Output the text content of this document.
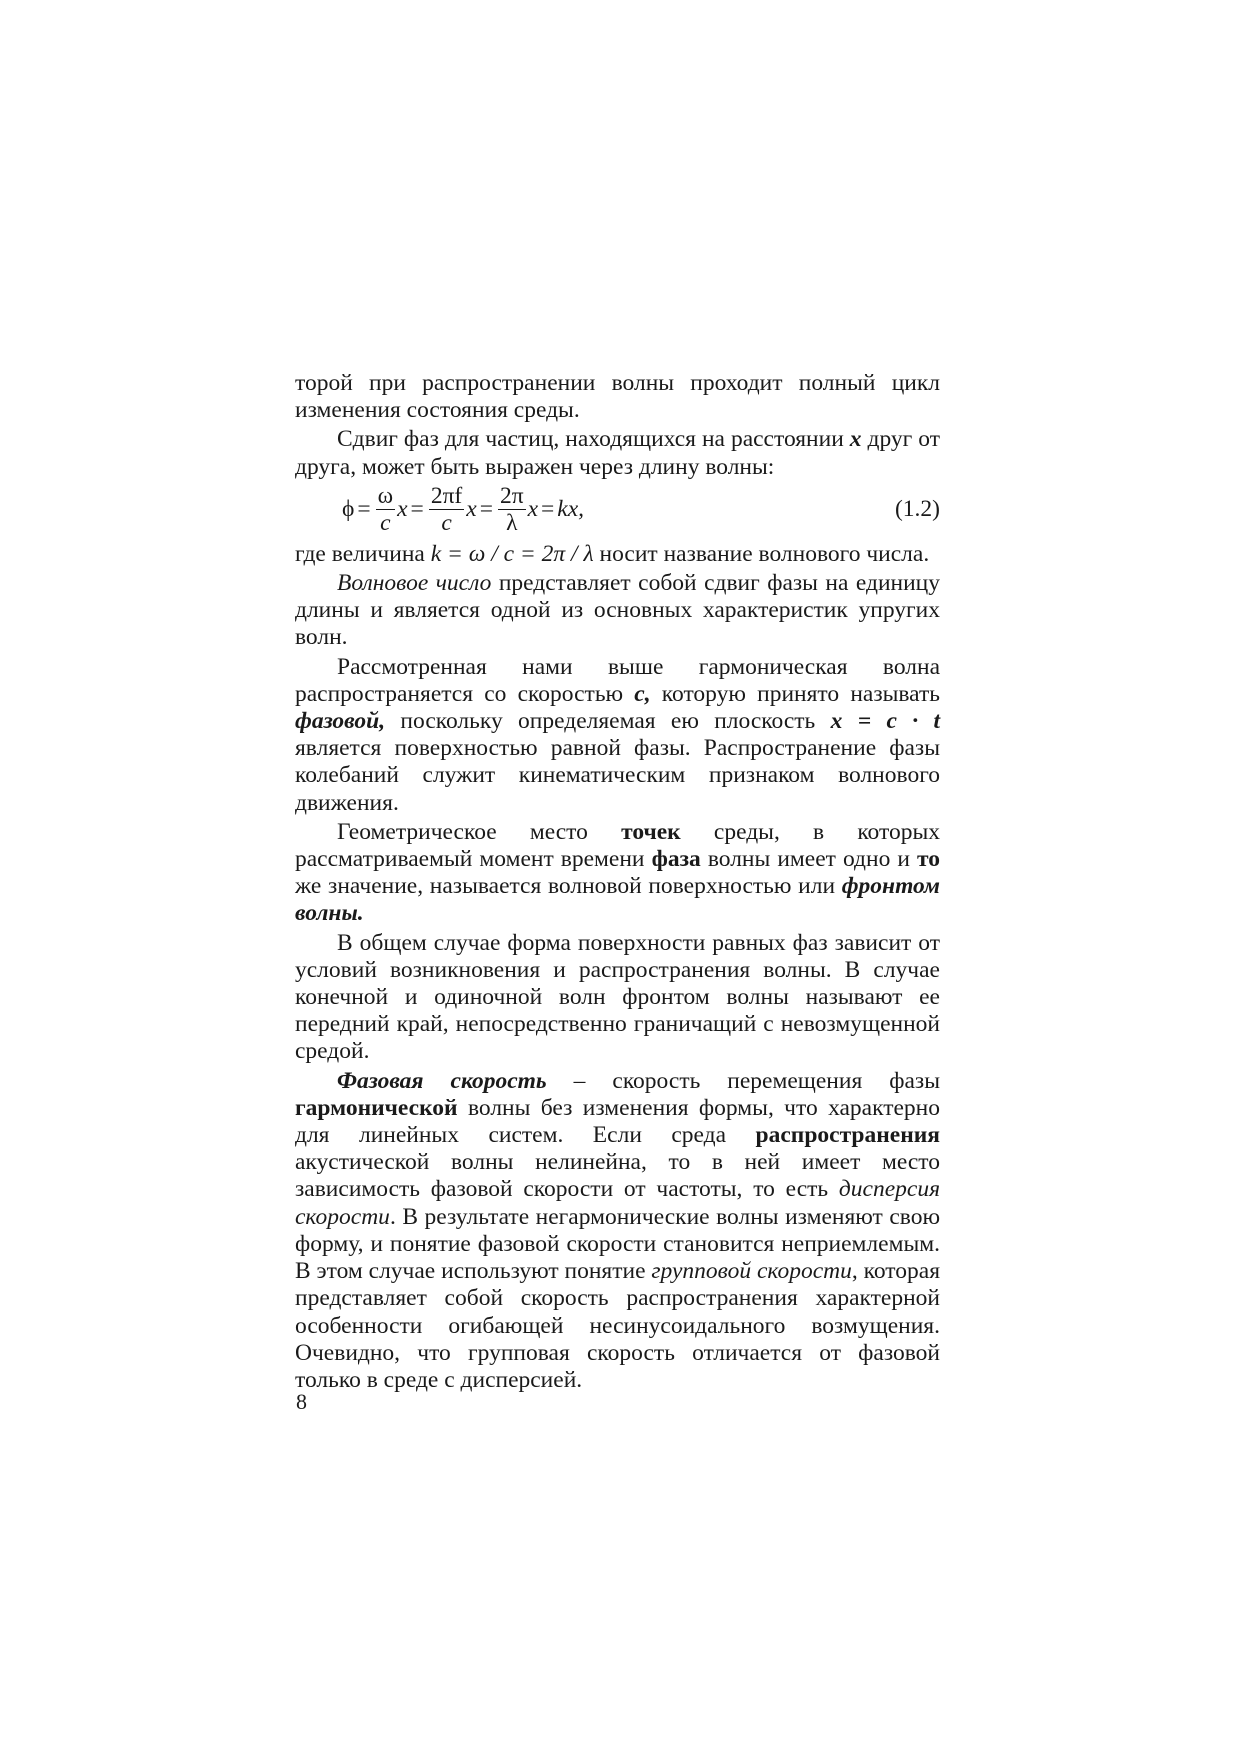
торой при распространении волны проходит полный цикл изменения состояния среды.

Сдвиг фаз для частиц, находящихся на расстоянии x друг от друга, может быть выражен через длину волны:

$\phi = \frac{\omega}{c}$ $x = \frac{2\pi f}{c}$ $x = \frac{2\pi}{\lambda}$ x = kx,	(1.2)

где величина k = ω / c = 2π / λ носит название волнового числа.

Волновое число представляет собой сдвиг фазы на единицу длины и является одной из основных характеристик упругих волн.

Рассмотренная нами выше гармоническая волна распространяется со скоростью c, которую принято называть фазовой, поскольку определяемая ею плоскость x = c · t является поверхностью равной фазы. Распространение фазы колебаний служит кинематическим признаком волнового движения.

Геометрическое место точек среды, в которых рассматриваемый момент времени фаза волны имеет одно и то же значение, называется волновой поверхностью или фронтом волны.

В общем случае форма поверхности равных фаз зависит от условий возникновения и распространения волны. В случае конечной и одиночной волн фронтом волны называют ее передний край, непосредственно граничащий с невозмущенной средой.

Фазовая скорость – скорость перемещения фазы гармонической волны без изменения формы, что характерно для линейных систем. Если среда распространения акустической волны нелинейна, то в ней имеет место зависимость фазовой скорости от частоты, то есть дисперсия скорости. В результате негармонические волны изменяют свою форму, и понятие фазовой скорости становится неприемлемым. В этом случае используют понятие групповой скорости, которая представляет собой скорость распространения характерной особенности огибающей несинусоидального возмущения. Очевидно, что групповая скорость отличается от фазовой только в среде с дисперсией.

8
